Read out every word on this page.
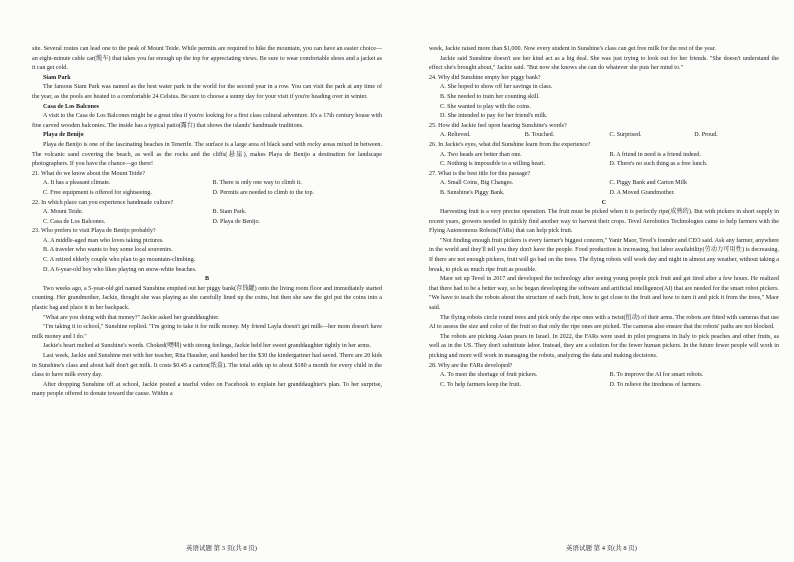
site. Several routes can lead one to the peak of Mount Teide. While permits are required to hike the mountain, you can have an easier choice—an eight-minute cable car(缆车) that takes you far enough up the top for appreciating views. Be sure to wear comfortable shoes and a jacket as it can get cold.

Siam Park

The famous Siam Park was named as the best water park in the world for the second year in a row. You can visit the park at any time of the year, as the pools are heated to a comfortable 24 Celsius. Be sure to choose a sunny day for your visit if you're heading over in winter.

Casa de Los Balcones

A visit to the Casa de Los Balcones might be a great idea if you're looking for a first class cultural adventure. It's a 17th century house with fine carved wooden balconies. The inside has a typical patio(露台) that shows the islands' handmade traditions.

Playa de Benijo

Playa de Benijo is one of the fascinating beaches in Tenerife. The surface is a large area of black sand with rocky areas mixed in between. The volcanic sand covering the beach, as well as the rocks and the cliffs(悬崖), makes Playa de Benijo a destination for landscape photographers. If you have the chance—go there!

21. What do we know about the Mount Teide?

A. It has a pleasant climate.	B. There is only one way to climb it.
C. Free equipment is offered for sightseeing.	D. Permits are needed to climb to the top.

22. In which place can you experience handmade culture?

A. Mount Teide.	B. Siam Park.
C. Casa de Los Balcones.	D. Playa de Benijo.

23. Who prefers to visit Playa de Benijo probably?

A. A middle-aged man who loves taking pictures.

B. A traveler who wants to buy some local souvenirs.

C. A retired elderly couple who plan to go mountain-climbing.

D. A 6-year-old boy who likes playing on snow-white beaches.

B

Two weeks ago, a 5-year-old girl named Sunshine emptied out her piggy bank(存钱罐) onto the living room floor and immediately started counting. Her grandmother, Jackie, thought she was playing as she carefully lined up the coins, but then she saw the girl put the coins into a plastic bag and place it in her backpack.

"What are you doing with that money?" Jackie asked her granddaughter.

"I'm taking it to school," Sunshine replied. "I'm going to take it for milk money. My friend Layla doesn't get milk—her mom doesn't have milk money and I do."

Jackie's heart melted at Sunshine's words. Choked(哽咽) with strong feelings, Jackie held her sweet granddaughter tightly in her arms.

Last week, Jackie and Sunshine met with her teacher, Rita Hausher, and handed her the $30 the kindergartner had saved. There are 20 kids in Sunshine's class and about half don't get milk. It costs $0.45 a carton(纸盒). The total adds up to about $180 a month for every child in the class to have milk every day.

After dropping Sunshine off at school, Jackie posted a tearful video on Facebook to explain her granddaughter's plan. To her surprise, many people offered to donate toward the cause. Within a

week, Jackie raised more than $1,000. Now every student in Sunshine's class can get free milk for the rest of the year.

Jackie said Sunshine doesn't see her kind act as a big deal. She was just trying to look out for her friends. "She doesn't understand the effect she's brought about," Jackie said. "But now she knows she can do whatever she puts her mind to."

24. Why did Sunshine empty her piggy bank?

A. She hoped to show off her savings in class.

B. She needed to train her counting skill.

C. She wanted to play with the coins.

D. She intended to pay for her friend's milk.

25. How did Jackie feel upon hearing Sunshine's words?

A. Relieved.	B. Touched.	C. Surprised.	D. Proud.

26. In Jackie's eyes, what did Sunshine learn from the experience?

A. Two heads are better than one.	B. A friend in need is a friend indeed.
C. Nothing is impossible to a willing heart.	D. There's no such thing as a free lunch.

27. What is the best title for this passage?

A. Small Coins, Big Changes.	C. Piggy Bank and Carton Milk
B. Sunshine's Piggy Bank.	D. A Moved Grandmother.

C

Harvesting fruit is a very precise operation. The fruit must be picked when it is perfectly ripe(成熟的). But with pickers in short supply in recent years, growers needed to quickly find another way to harvest their crops. Tevel Aerobotics Technologies came to help farmers with the Flying Autonomous Robots(FARs) that can help pick fruit.

"Not finding enough fruit pickers is every farmer's biggest concern," Yanir Maor, Tevel's founder and CEO said. Ask any farmer, anywhere in the world and they'll tell you they don't have the people. Food production is increasing, but labor availability(劳动力可用性) is decreasing. If there are not enough pickers, fruit will go bad on the trees. The flying robots will work day and night in almost any weather, without taking a break, to pick as much ripe fruit as possible.

Maor set up Tevel in 2017 and developed the technology after seeing young people pick fruit and get tired after a few hours. He realized that there had to be a better way, so he began developing the software and artificial intelligence(AI) that are needed for the smart robot pickers. "We have to teach the robots about the structure of each fruit, how to get close to the fruit and how to turn it and pick it from the trees," Maor said.

The flying robots circle round trees and pick only the ripe ones with a twist(扭动) of their arms. The robots are fitted with cameras that use AI to assess the size and color of the fruit so that only the ripe ones are picked. The cameras also ensure that the robots' paths are not blocked.

The robots are picking Asian pears in Israel. In 2022, the FARs were used in pilot programs in Italy to pick peaches and other fruits, as well as in the US. They don't substitute labor. Instead, they are a solution for the fewer human pickers. In the future fewer people will work in picking and more will work in managing the robots, analyzing the data and making decisions.

28. Why are the FARs developed?

A. To meet the shortage of fruit pickers.	B. To improve the AI for smart robots.
C. To help farmers keep the fruit.	D. To relieve the tiredness of farmers.
英语试题 第 3 页(共 8 页)	英语试题 第 4 页(共 8 页)
